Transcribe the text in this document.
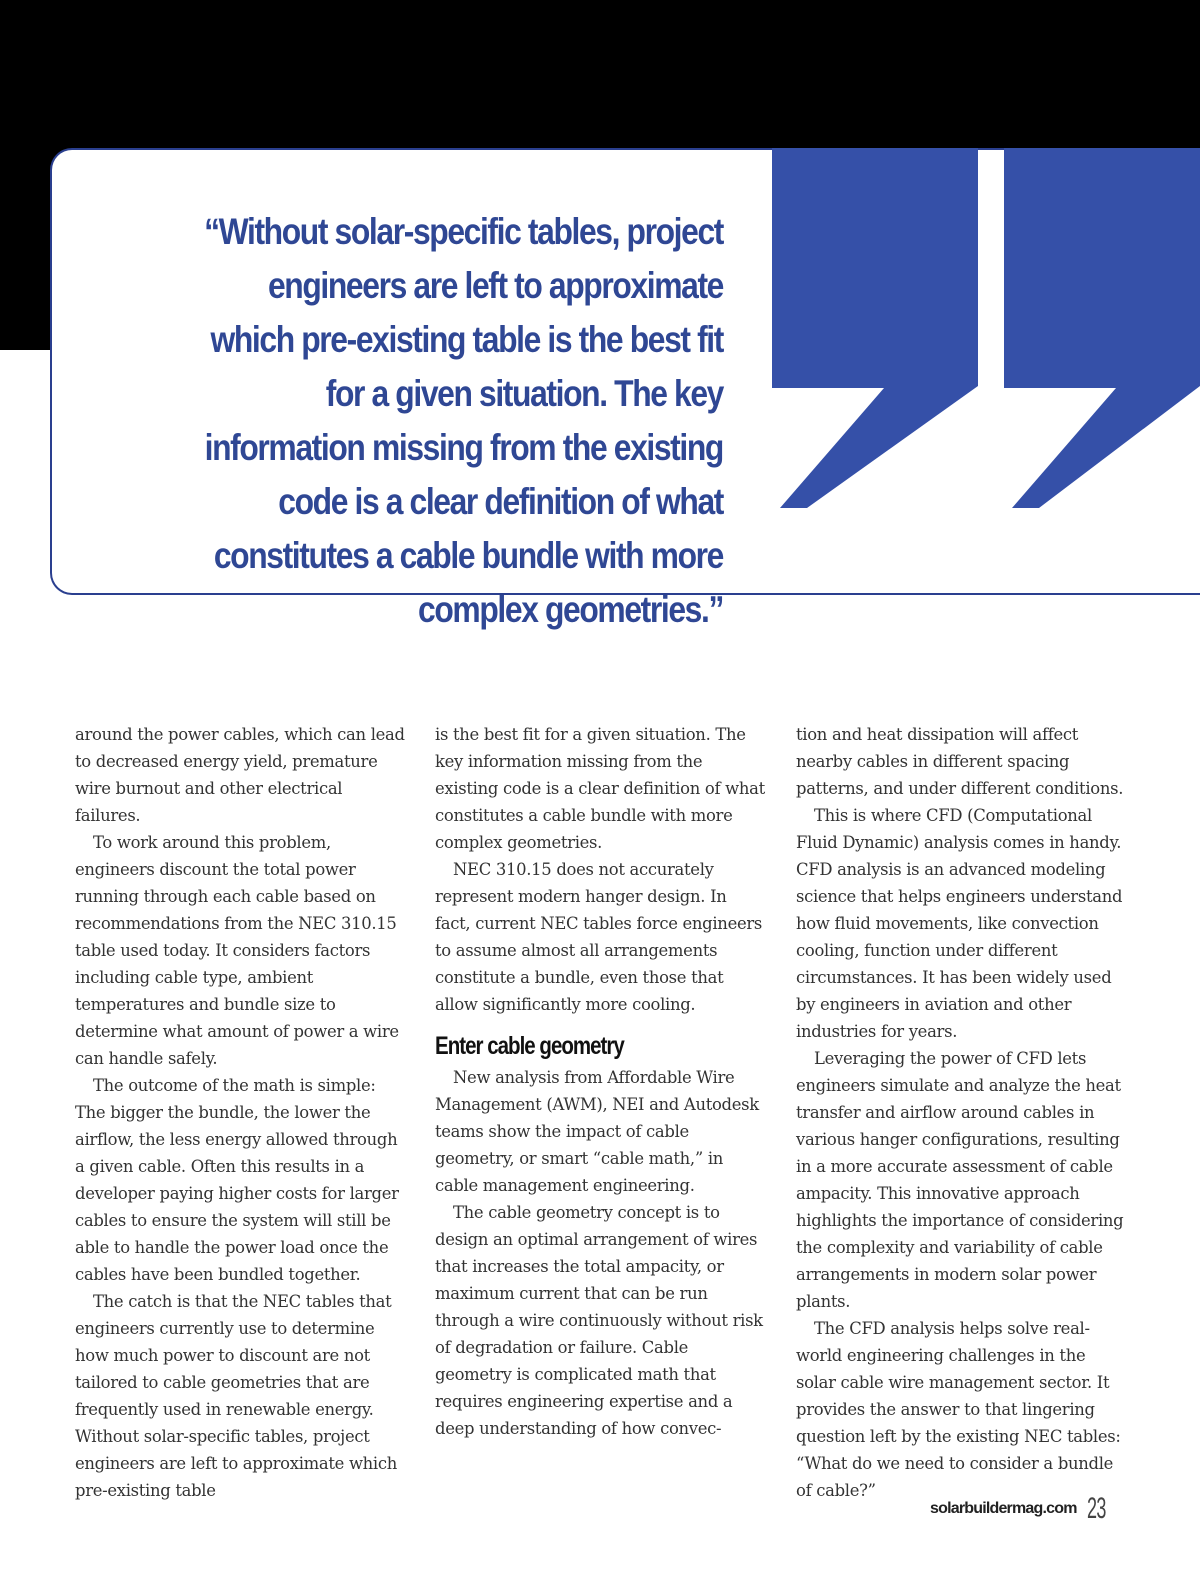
“Without solar-specific tables, project engineers are left to approximate which pre-existing table is the best fit for a given situation. The key information missing from the existing code is a clear definition of what constitutes a cable bundle with more complex geometries.”

around the power cables, which can lead to decreased energy yield, premature wire burnout and other electrical failures.

To work around this problem, engineers discount the total power running through each cable based on recommendations from the NEC 310.15 table used today. It considers factors including cable type, ambient temperatures and bundle size to determine what amount of power a wire can handle safely.

The outcome of the math is simple: The bigger the bundle, the lower the airflow, the less energy allowed through a given cable. Often this results in a developer paying higher costs for larger cables to ensure the system will still be able to handle the power load once the cables have been bundled together.

The catch is that the NEC tables that engineers currently use to determine how much power to discount are not tailored to cable geometries that are frequently used in renewable energy. Without solar-specific tables, project engineers are left to approximate which pre-existing table

is the best fit for a given situation. The key information missing from the existing code is a clear definition of what constitutes a cable bundle with more complex geometries.

NEC 310.15 does not accurately represent modern hanger design. In fact, current NEC tables force engineers to assume almost all arrangements constitute a bundle, even those that allow significantly more cooling.

Enter cable geometry

New analysis from Affordable Wire Management (AWM), NEI and Autodesk teams show the impact of cable geometry, or smart “cable math,” in cable management engineering.

The cable geometry concept is to design an optimal arrangement of wires that increases the total ampacity, or maximum current that can be run through a wire continuously without risk of degradation or failure. Cable geometry is complicated math that requires engineering expertise and a deep understanding of how convec-

tion and heat dissipation will affect nearby cables in different spacing patterns, and under different conditions.

This is where CFD (Computational Fluid Dynamic) analysis comes in handy. CFD analysis is an advanced modeling science that helps engineers understand how fluid movements, like convection cooling, function under different circumstances. It has been widely used by engineers in aviation and other industries for years.

Leveraging the power of CFD lets engineers simulate and analyze the heat transfer and airflow around cables in various hanger configurations, resulting in a more accurate assessment of cable ampacity. This innovative approach highlights the importance of considering the complexity and variability of cable arrangements in modern solar power plants.

The CFD analysis helps solve real-world engineering challenges in the solar cable wire management sector. It provides the answer to that lingering question left by the existing NEC tables: “What do we need to consider a bundle of cable?”

solarbuildermag.com 23
